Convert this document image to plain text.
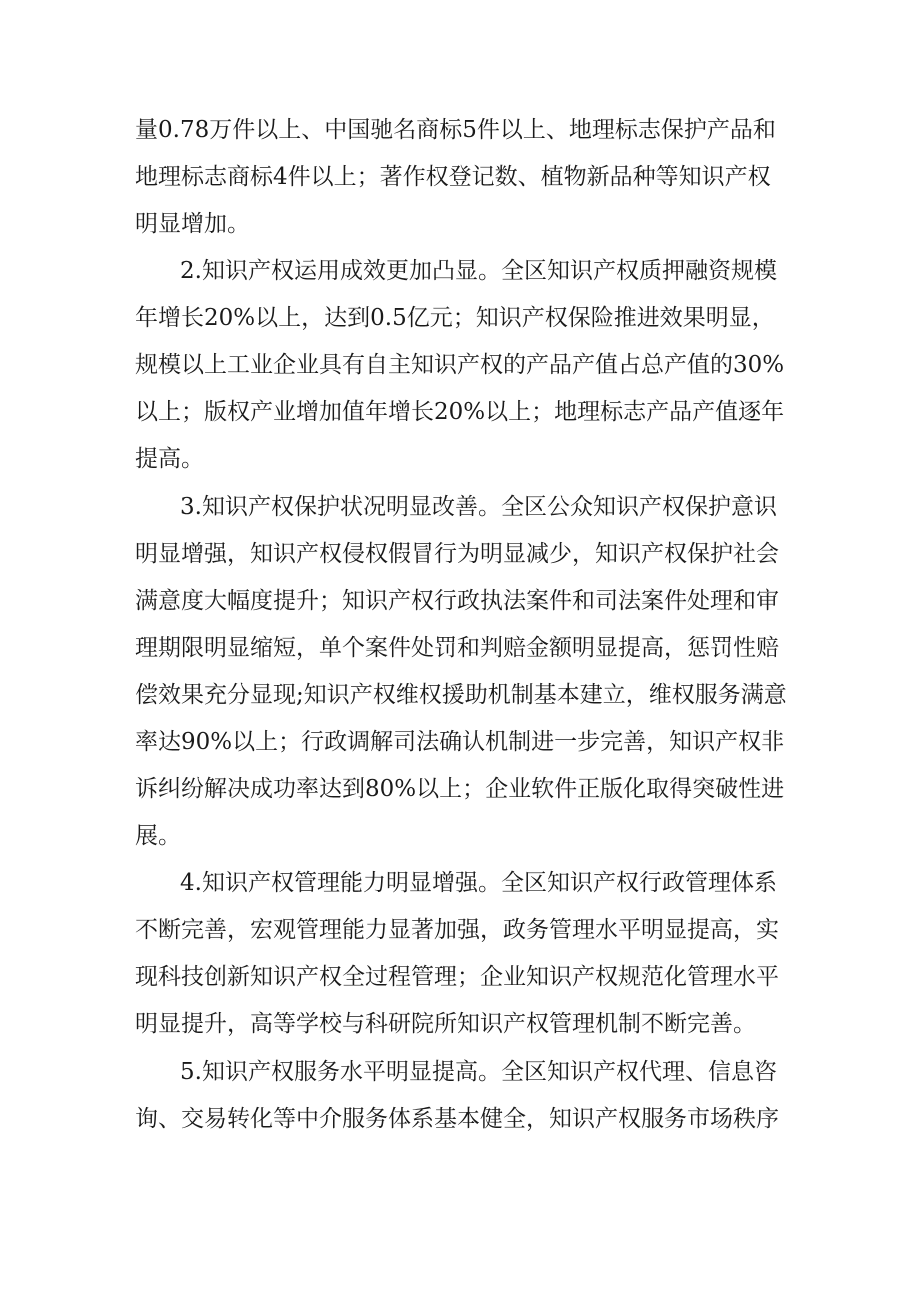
量0.78万件以上、中国驰名商标5件以上、地理标志保护产品和
地理标志商标4件以上；著作权登记数、植物新品种等知识产权
明显增加。
2.知识产权运用成效更加凸显。全区知识产权质押融资规模
年增长20%以上，达到0.5亿元；知识产权保险推进效果明显，
规模以上工业企业具有自主知识产权的产品产值占总产值的30%
以上；版权产业增加值年增长20%以上；地理标志产品产值逐年
提高。
3.知识产权保护状况明显改善。全区公众知识产权保护意识
明显增强，知识产权侵权假冒行为明显减少，知识产权保护社会
满意度大幅度提升；知识产权行政执法案件和司法案件处理和审
理期限明显缩短，单个案件处罚和判赔金额明显提高，惩罚性赔
偿效果充分显现;知识产权维权援助机制基本建立，维权服务满意
率达90%以上；行政调解司法确认机制进一步完善，知识产权非
诉纠纷解决成功率达到80%以上；企业软件正版化取得突破性进
展。
4.知识产权管理能力明显增强。全区知识产权行政管理体系
不断完善，宏观管理能力显著加强，政务管理水平明显提高，实
现科技创新知识产权全过程管理；企业知识产权规范化管理水平
明显提升，高等学校与科研院所知识产权管理机制不断完善。
5.知识产权服务水平明显提高。全区知识产权代理、信息咨
询、交易转化等中介服务体系基本健全，知识产权服务市场秩序
